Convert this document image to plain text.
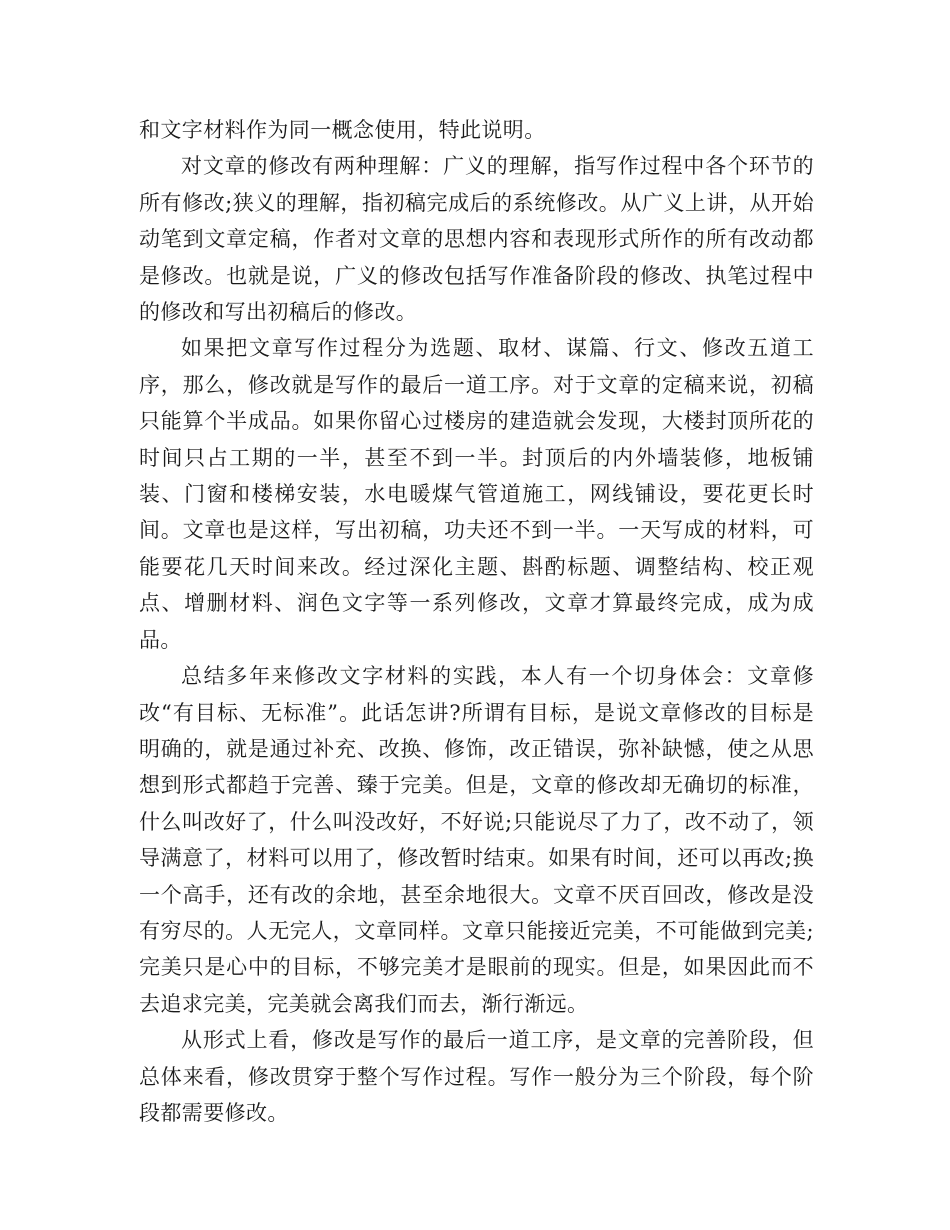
和文字材料作为同一概念使用，特此说明。

对文章的修改有两种理解：广义的理解，指写作过程中各个环节的所有修改;狭义的理解，指初稿完成后的系统修改。从广义上讲，从开始动笔到文章定稿，作者对文章的思想内容和表现形式所作的所有改动都是修改。也就是说，广义的修改包括写作准备阶段的修改、执笔过程中的修改和写出初稿后的修改。

如果把文章写作过程分为选题、取材、谋篇、行文、修改五道工序，那么，修改就是写作的最后一道工序。对于文章的定稿来说，初稿只能算个半成品。如果你留心过楼房的建造就会发现，大楼封顶所花的时间只占工期的一半，甚至不到一半。封顶后的内外墙装修，地板铺装、门窗和楼梯安装，水电暖煤气管道施工，网线铺设，要花更长时间。文章也是这样，写出初稿，功夫还不到一半。一天写成的材料，可能要花几天时间来改。经过深化主题、斟酌标题、调整结构、校正观点、增删材料、润色文字等一系列修改，文章才算最终完成，成为成品。

总结多年来修改文字材料的实践，本人有一个切身体会：文章修改“有目标、无标准”。此话怎讲?所谓有目标，是说文章修改的目标是明确的，就是通过补充、改换、修饰，改正错误，弥补缺憾，使之从思想到形式都趋于完善、臻于完美。但是，文章的修改却无确切的标准，什么叫改好了，什么叫没改好，不好说;只能说尽了力了，改不动了，领导满意了，材料可以用了，修改暂时结束。如果有时间，还可以再改;换一个高手，还有改的余地，甚至余地很大。文章不厌百回改，修改是没有穷尽的。人无完人，文章同样。文章只能接近完美，不可能做到完美;完美只是心中的目标，不够完美才是眼前的现实。但是，如果因此而不去追求完美，完美就会离我们而去，渐行渐远。

从形式上看，修改是写作的最后一道工序，是文章的完善阶段，但总体来看，修改贯穿于整个写作过程。写作一般分为三个阶段，每个阶段都需要修改。
